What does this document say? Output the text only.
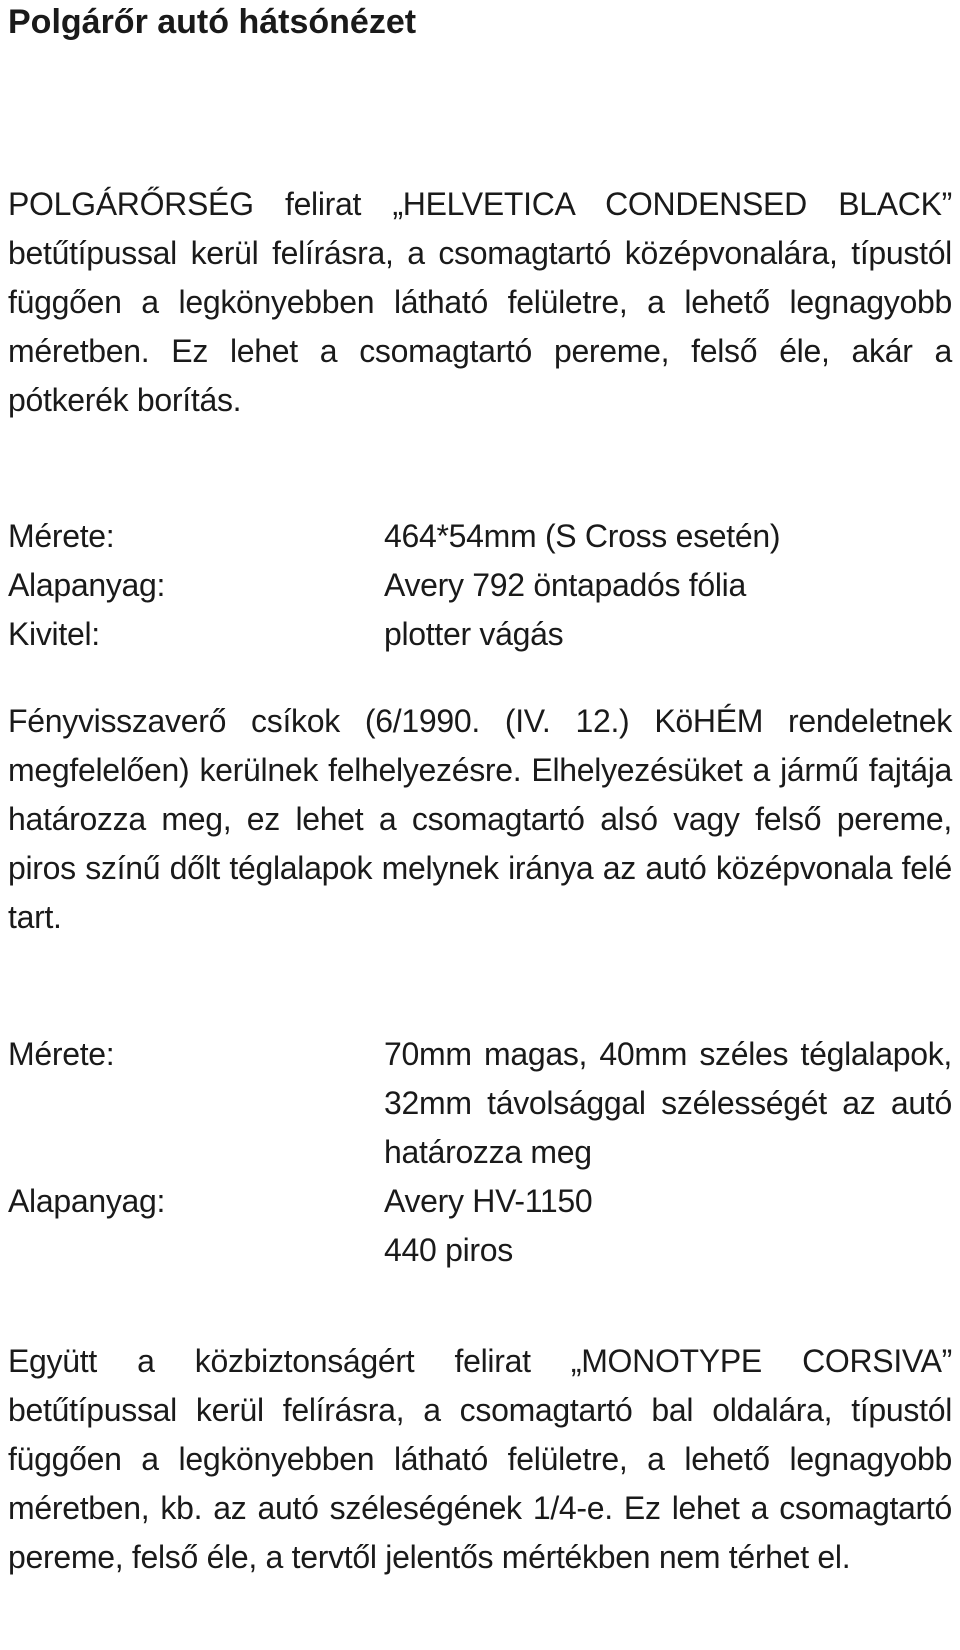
Polgárőr autó hátsónézet

POLGÁRŐRSÉG felirat „HELVETICA CONDENSED BLACK” betűtípussal kerül felírásra, a csomagtartó középvonalára, típustól függően a legkönyebben látható felületre, a lehető legnagyobb méretben. Ez lehet a csomagtartó pereme, felső éle, akár a pótkerék borítás.

Mérete:	464*54mm (S Cross esetén)
Alapanyag:	Avery 792 öntapadós fólia
Kivitel:	plotter vágás

Fényvisszaverő csíkok (6/1990. (IV. 12.) KöHÉM rendeletnek megfelelően) kerülnek felhelyezésre. Elhelyezésüket a jármű fajtája határozza meg, ez lehet a csomagtartó alsó vagy felső pereme, piros színű dőlt téglalapok melynek iránya az autó középvonala felé tart.

Mérete:	70mm magas, 40mm széles téglalapok, 32mm távolsággal szélességét az autó határozza meg
Alapanyag:	Avery HV-1150
440 piros

Együtt a közbiztonságért felirat „MONOTYPE CORSIVA” betűtípussal kerül felírásra, a csomagtartó bal oldalára, típustól függően a legkönyebben látható felületre, a lehető legnagyobb méretben, kb. az autó széleségének 1/4-e. Ez lehet a csomagtartó pereme, felső éle, a tervtől jelentős mértékben nem térhet el.
